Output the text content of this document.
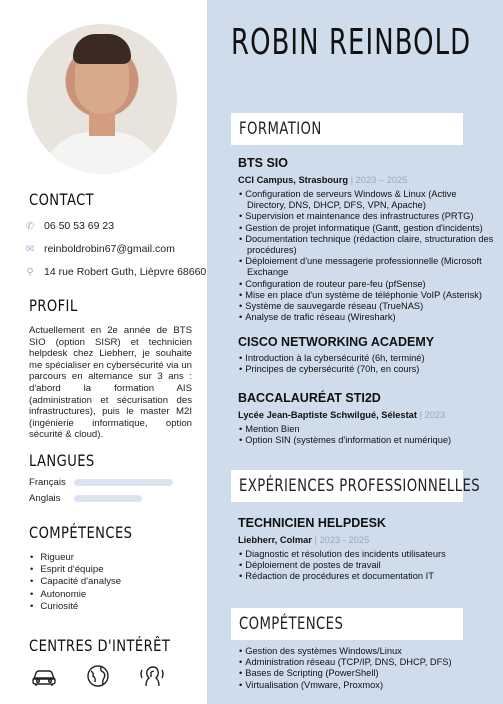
CONTACT
✆ 06 50 53 69 23
✉ reinboldrobin67@gmail.com
⚲ 14 rue Robert Guth, Lièpvre 68660
PROFIL
Actuellement en 2e année de BTS SIO (option SISR) et technicien helpdesk chez Liebherr, je souhaite me spécialiser en cybersécurité via un parcours en alternance sur 3 ans : d'abord la formation AIS (administration et sécurisation des infrastructures), puis le master M2I (ingénierie informatique, option sécurité & cloud).
LANGUES
Français
Anglais
COMPÉTENCES
• Rigueur
• Esprit d'équipe
• Capacité d'analyse
• Autonomie
• Curiosité
CENTRES D'INTÉRÊT
ROBIN REINBOLD
FORMATION
BTS SIO
CCI Campus, Strasbourg | 2023 – 2025
• Configuration de serveurs Windows & Linux (Active Directory, DNS, DHCP, DFS, VPN, Apache)
• Supervision et maintenance des infrastructures (PRTG)
• Gestion de projet informatique (Gantt, gestion d'incidents)
• Documentation technique (rédaction claire, structuration des procédures)
• Déploiement d'une messagerie professionnelle (Microsoft Exchange
• Configuration de routeur pare-feu (pfSense)
• Mise en place d'un système de téléphonie VoIP (Asterisk)
• Système de sauvegarde réseau (TrueNAS)
• Analyse de trafic réseau (Wireshark)
CISCO NETWORKING ACADEMY
• Introduction à la cybersécurité (6h, terminé)
• Principes de cybersécurité (70h, en cours)
BACCALAURÉAT STI2D
Lycée Jean-Baptiste Schwilgué, Sélestat | 2023
• Mention Bien
• Option SIN (systèmes d'information et numérique)
EXPÉRIENCES PROFESSIONNELLES
TECHNICIEN HELPDESK
Liebherr, Colmar | 2023 - 2025
• Diagnostic et résolution des incidents utilisateurs
• Déploiement de postes de travail
• Rédaction de procédures et documentation IT
COMPÉTENCES
• Gestion des systèmes Windows/Linux
• Administration réseau (TCP/IP, DNS, DHCP, DFS)
• Bases de Scripting (PowerShell)
• Virtualisation (Vmware, Proxmox)
